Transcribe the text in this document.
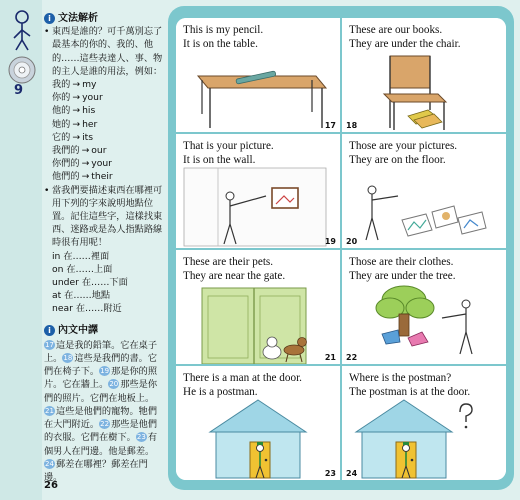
9
i 文法解析
• 東西是誰的？可千萬別忘了最基本的你的、我的、他的……這些表達人、事、物的主人是誰的用法，例如：
我的 → my
你的 → your
他的 → his
她的 → her
它的 → its
我們的 → our
你們的 → your
他們的 → their
• 當我們要描述東西在哪裡可用下列的字來說明地點位置。記住這些字，這樣找東西、迷路或是為人指點路線時很有用呢！
in 在……裡面
on 在……上面
under 在……下面
at 在……地點
near 在……附近
i 內文中譯
17 這是我的鉛筆。它在桌子上。18 這些是我們的書。它們在椅子下。19 那是你的照片。它在牆上。20 那些是你們的照片。它們在地板上。21 這些是他們的寵物。牠們在大門附近。22 那些是他們的衣服。它們在樹下。23 有個男人在門邊。他是郵差。24 郵差在哪裡？郵差在門邊。
26
This is my pencil.
It is on the table.
17
These are our books.
They are under the chair.
18
That is your picture.
It is on the wall.
19
Those are your pictures.
They are on the floor.
20
These are their pets.
They are near the gate.
21
Those are their clothes.
They are under the tree.
22
There is a man at the door.
He is a postman.
23
Where is the postman?
The postman is at the door.
24
